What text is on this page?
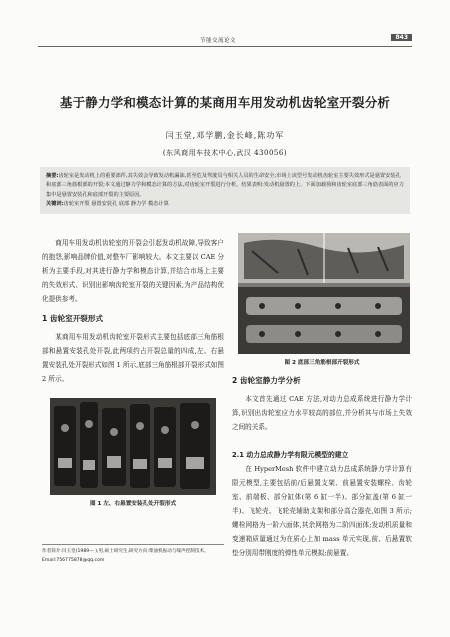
节能交流论文	843
基于静力学和模态计算的某商用车用发动机齿轮室开裂分析
闫玉堂,邓学鹏,金长峰,陈功军
(东风商用车技术中心,武汉 430056)
摘要:齿轮室是发动机上的重要部件,其失效会导致发动机漏油,甚至危及驾驶员与相关人员的生命安全;市场上该型号发动机齿轮室主要失效形式是悬置安装孔和底部三角筋根部的开裂;本文通过静力学和模态计算的方法,对齿轮室开裂进行分析。结果表明:发动机悬置的上、下面加载荷和齿轮室底部三角筋表面的应力集中是悬置安装孔和底部开裂的主要原因。
关键词:齿轮室开裂 悬置安装孔 底部 静力学 模态计算

商用车用发动机齿轮室的开裂会引起发动机故障,导致客户的抱怨,影响品牌价值,对整车厂影响较大。本文主要以 CAE 分析为主要手段,对其进行静力学和模态计算,并结合市场上主要的失效形式、识别出影响齿轮室开裂的关键因素,为产品结构优化提供参考。

1 齿轮室开裂形式

某商用车用发动机齿轮室开裂形式主要包括底部三角筋根部和悬置安装孔处开裂,此两项约占开裂总量的四成,左、右悬置安装孔处开裂形式如图 1 所示,底部三角筋根部开裂形式如图 2 所示。

图 1 左、右悬置安装孔处开裂形式
作者简介:闫玉堂(1989— ),男,硕士研究生,研究方向:柴油机振动与噪声控制技术。
Email:756775878@qq.com
图 2 底部三角筋根部开裂形式

2 齿轮室静力学分析

本文首先通过 CAE 方法,对动力总成系统进行静力学计算,识别出齿轮室应力水平较高的部位,并分析其与市场上失效之间的关系。

2.1 动力总成静力学有限元模型的建立

在 HyperMesh 软件中建立动力总成系统静力学计算有限元模型,主要包括前/后悬置支架、前悬置安装螺栓、齿轮室、前端板、部分缸体(第 6 缸一半)、部分缸盖(第 6 缸一半)、飞轮壳、飞轮壳辅助支架和部分高合器壳,如图 3 所示;螺栓网格为一阶六面体,其余网格为二阶四面体;发动机质量和变速箱质量通过为在质心上加 mass 单元实现,前、后悬置软垫分别用带刚度的弹性单元模拟;前悬置、
